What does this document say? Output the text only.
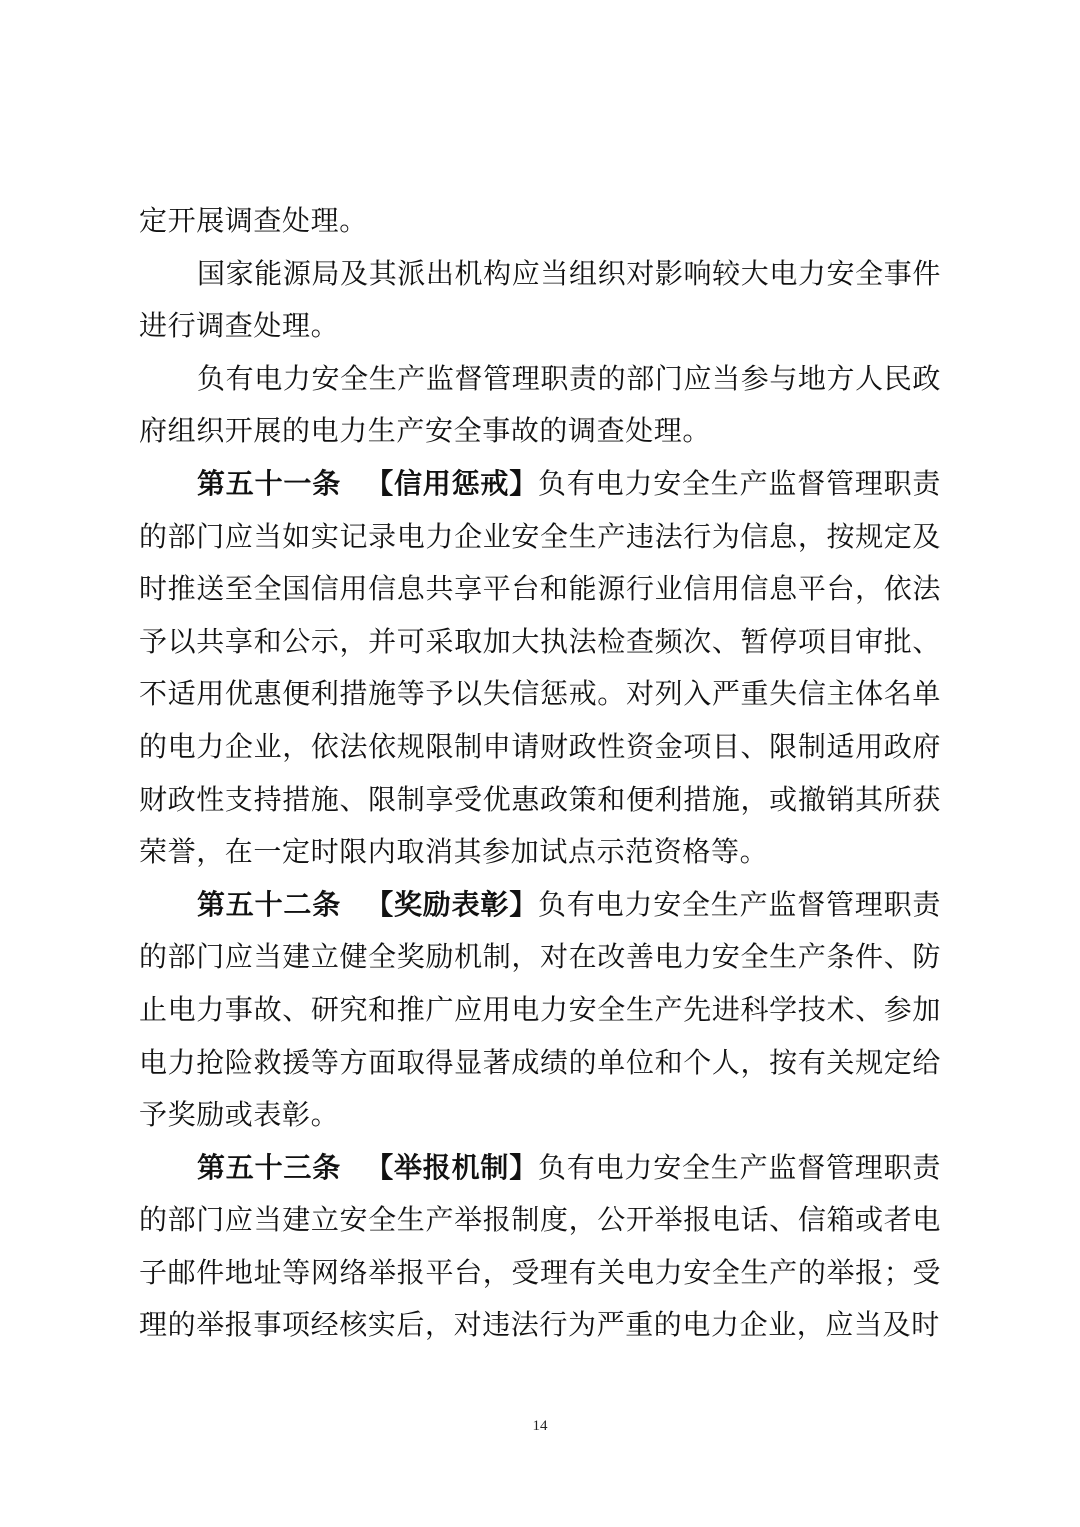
定开展调查处理。

国家能源局及其派出机构应当组织对影响较大电力安全事件进行调查处理。

负有电力安全生产监督管理职责的部门应当参与地方人民政府组织开展的电力生产安全事故的调查处理。

第五十一条 【信用惩戒】负有电力安全生产监督管理职责的部门应当如实记录电力企业安全生产违法行为信息，按规定及时推送至全国信用信息共享平台和能源行业信用信息平台，依法予以共享和公示，并可采取加大执法检查频次、暂停项目审批、不适用优惠便利措施等予以失信惩戒。对列入严重失信主体名单的电力企业，依法依规限制申请财政性资金项目、限制适用政府财政性支持措施、限制享受优惠政策和便利措施，或撤销其所获荣誉，在一定时限内取消其参加试点示范资格等。

第五十二条 【奖励表彰】负有电力安全生产监督管理职责的部门应当建立健全奖励机制，对在改善电力安全生产条件、防止电力事故、研究和推广应用电力安全生产先进科学技术、参加电力抢险救援等方面取得显著成绩的单位和个人，按有关规定给予奖励或表彰。

第五十三条 【举报机制】负有电力安全生产监督管理职责的部门应当建立安全生产举报制度，公开举报电话、信箱或者电子邮件地址等网络举报平台，受理有关电力安全生产的举报；受理的举报事项经核实后，对违法行为严重的电力企业，应当及时

14
